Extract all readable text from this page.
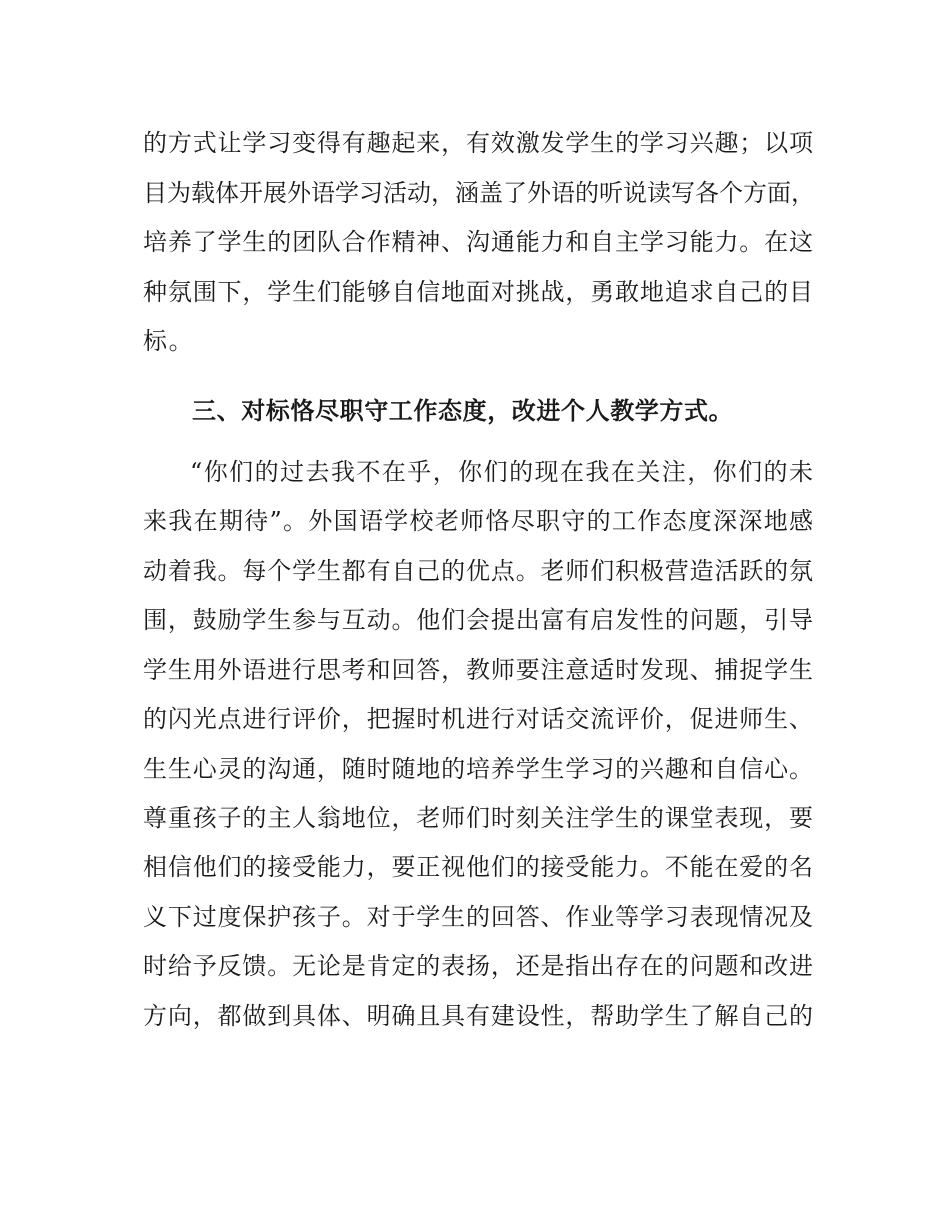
的方式让学习变得有趣起来，有效激发学生的学习兴趣；以项
目为载体开展外语学习活动，涵盖了外语的听说读写各个方面，
培养了学生的团队合作精神、沟通能力和自主学习能力。在这
种氛围下，学生们能够自信地面对挑战，勇敢地追求自己的目
标。
三、对标恪尽职守工作态度，改进个人教学方式。
“你们的过去我不在乎，你们的现在我在关注，你们的未
来我在期待”。外国语学校老师恪尽职守的工作态度深深地感
动着我。每个学生都有自己的优点。老师们积极营造活跃的氛
围，鼓励学生参与互动。他们会提出富有启发性的问题，引导
学生用外语进行思考和回答，教师要注意适时发现、捕捉学生
的闪光点进行评价，把握时机进行对话交流评价，促进师生、
生生心灵的沟通，随时随地的培养学生学习的兴趣和自信心。
尊重孩子的主人翁地位，老师们时刻关注学生的课堂表现，要
相信他们的接受能力，要正视他们的接受能力。不能在爱的名
义下过度保护孩子。对于学生的回答、作业等学习表现情况及
时给予反馈。无论是肯定的表扬，还是指出存在的问题和改进
方向，都做到具体、明确且具有建设性，帮助学生了解自己的
